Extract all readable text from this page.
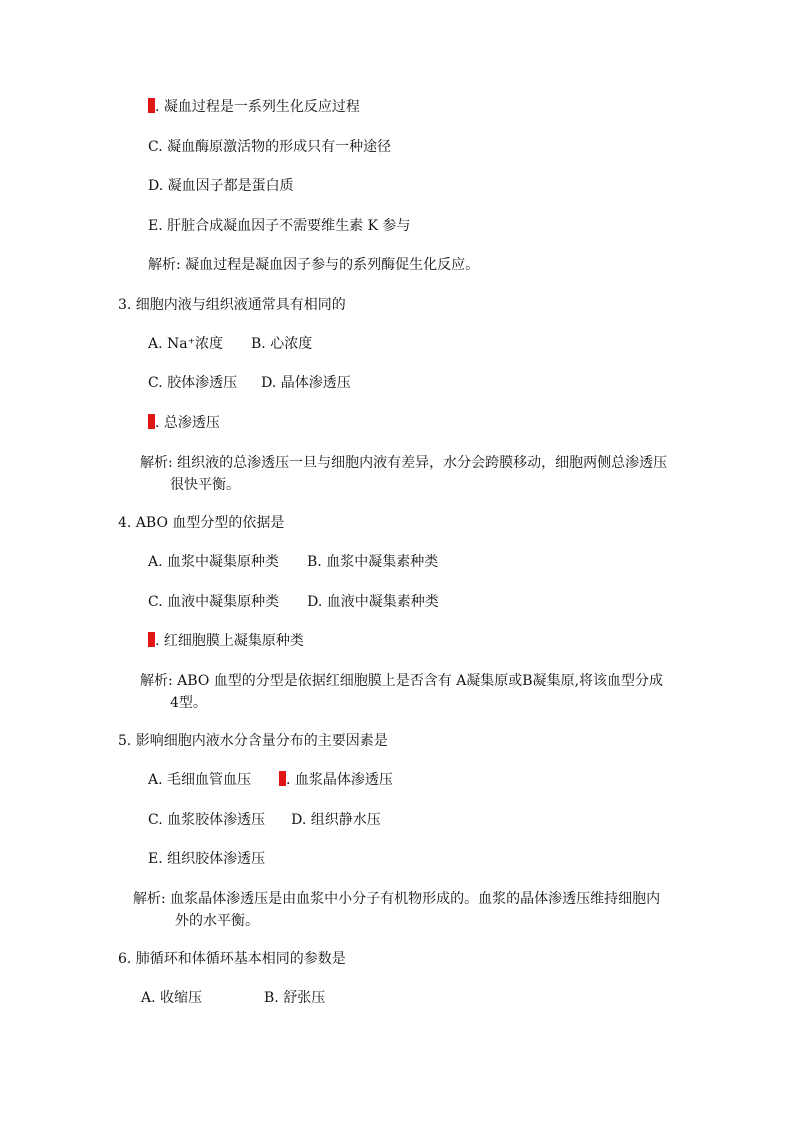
. 凝血过程是一系列生化反应过程
C. 凝血酶原激活物的形成只有一种途径
D. 凝血因子都是蛋白质
E. 肝脏合成凝血因子不需要维生素 K 参与
解析: 凝血过程是凝血因子参与的系列酶促生化反应。
3. 细胞内液与组织液通常具有相同的
A. Na⁺浓度 B. 心浓度
C. 胶体渗透压 D. 晶体渗透压
. 总渗透压
解析: 组织液的总渗透压一旦与细胞内液有差异，水分会跨膜移动，细胞两侧总渗透压
很快平衡。
4. ABO 血型分型的依据是
A. 血浆中凝集原种类 B. 血浆中凝集素种类
C. 血液中凝集原种类 D. 血液中凝集素种类
. 红细胞膜上凝集原种类
解析: ABO 血型的分型是依据红细胞膜上是否含有 A凝集原或B凝集原,将该血型分成
4型。
5. 影响细胞内液水分含量分布的主要因素是
A. 毛细血管血压	. 血浆晶体渗透压
C. 血浆胶体渗透压 D. 组织静水压
E. 组织胶体渗透压
解析: 血浆晶体渗透压是由血浆中小分子有机物形成的。血浆的晶体渗透压维持细胞内
外的水平衡。
6. 肺循环和体循环基本相同的参数是
A. 收缩压	B. 舒张压
